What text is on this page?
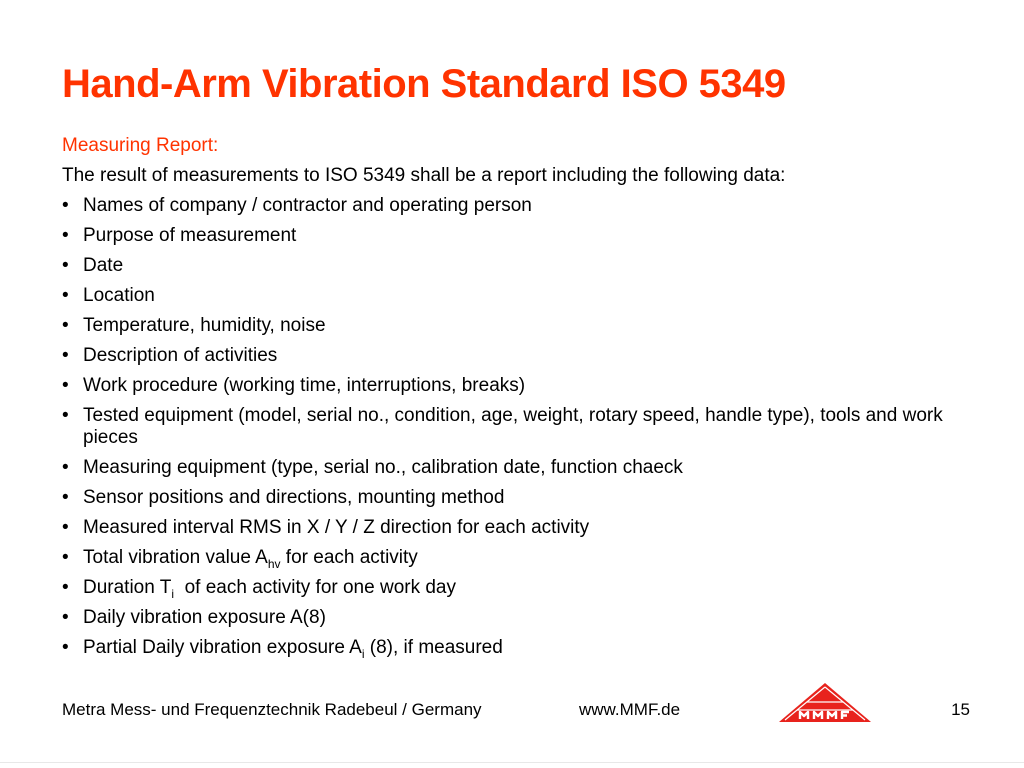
Hand-Arm Vibration Standard ISO 5349
Measuring Report:
The result of measurements to ISO 5349 shall be a report including the following data:
• Names of company / contractor and operating person
• Purpose of measurement
• Date
• Location
• Temperature, humidity, noise
• Description of activities
• Work procedure (working time, interruptions, breaks)
• Tested equipment (model, serial no., condition, age, weight, rotary speed, handle type), tools and work pieces
• Measuring equipment (type, serial no., calibration date, function chaeck
• Sensor positions and directions, mounting method
• Measured interval RMS in X / Y / Z direction for each activity
• Total vibration value $A_{hv}$ for each activity
• Duration $T_i$  of each activity for one work day
• Daily vibration exposure A(8)
• Partial Daily vibration exposure $A_i$ (8), if measured
Metra Mess- und Frequenztechnik Radebeul / Germany	www.MMF.de	15
